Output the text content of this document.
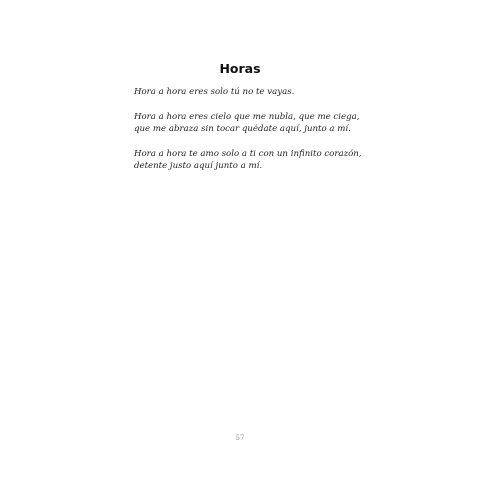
Horas
Hora a hora eres solo tú no te vayas.
Hora a hora eres cielo que me nubla, que me ciega,
que me abraza sin tocar quédate aquí, junto a mí.
Hora a hora te amo solo a ti con un infinito corazón,
detente justo aquí junto a mí.
57
